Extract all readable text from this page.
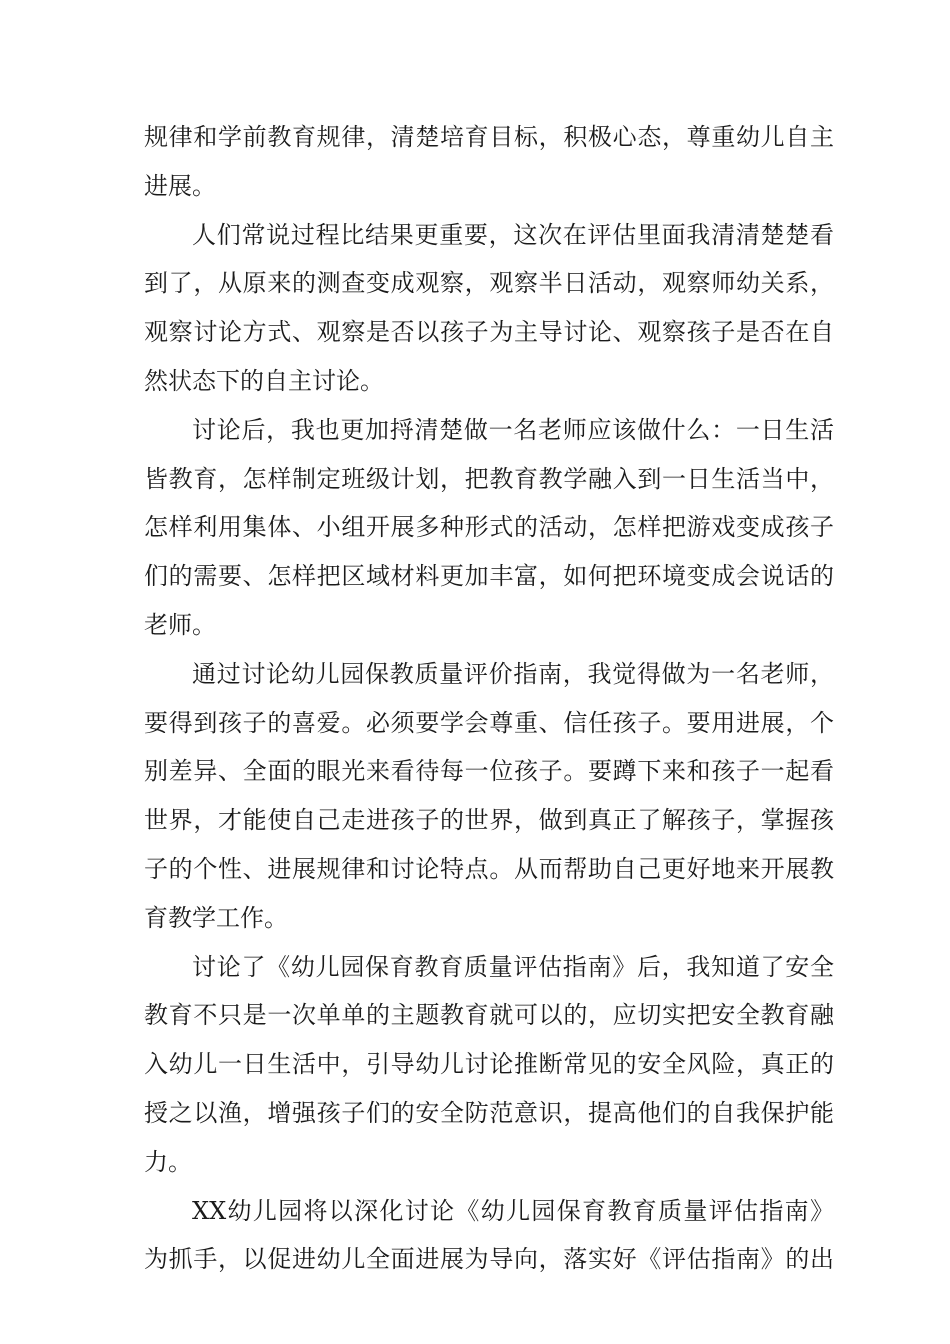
规律和学前教育规律，清楚培育目标，积极心态，尊重幼儿自主
进展。
人们常说过程比结果更重要，这次在评估里面我清清楚楚看
到了，从原来的测查变成观察，观察半日活动，观察师幼关系，
观察讨论方式、观察是否以孩子为主导讨论、观察孩子是否在自
然状态下的自主讨论。
讨论后，我也更加捋清楚做一名老师应该做什么：一日生活
皆教育，怎样制定班级计划，把教育教学融入到一日生活当中，
怎样利用集体、小组开展多种形式的活动，怎样把游戏变成孩子
们的需要、怎样把区域材料更加丰富，如何把环境变成会说话的
老师。
通过讨论幼儿园保教质量评价指南，我觉得做为一名老师，
要得到孩子的喜爱。必须要学会尊重、信任孩子。要用进展，个
别差异、全面的眼光来看待每一位孩子。要蹲下来和孩子一起看
世界，才能使自己走进孩子的世界，做到真正了解孩子，掌握孩
子的个性、进展规律和讨论特点。从而帮助自己更好地来开展教
育教学工作。
讨论了《幼儿园保育教育质量评估指南》后，我知道了安全
教育不只是一次单单的主题教育就可以的，应切实把安全教育融
入幼儿一日生活中，引导幼儿讨论推断常见的安全风险，真正的
授之以渔，增强孩子们的安全防范意识，提高他们的自我保护能
力。
XX幼儿园将以深化讨论《幼儿园保育教育质量评估指南》
为抓手，以促进幼儿全面进展为导向，落实好《评估指南》的出
